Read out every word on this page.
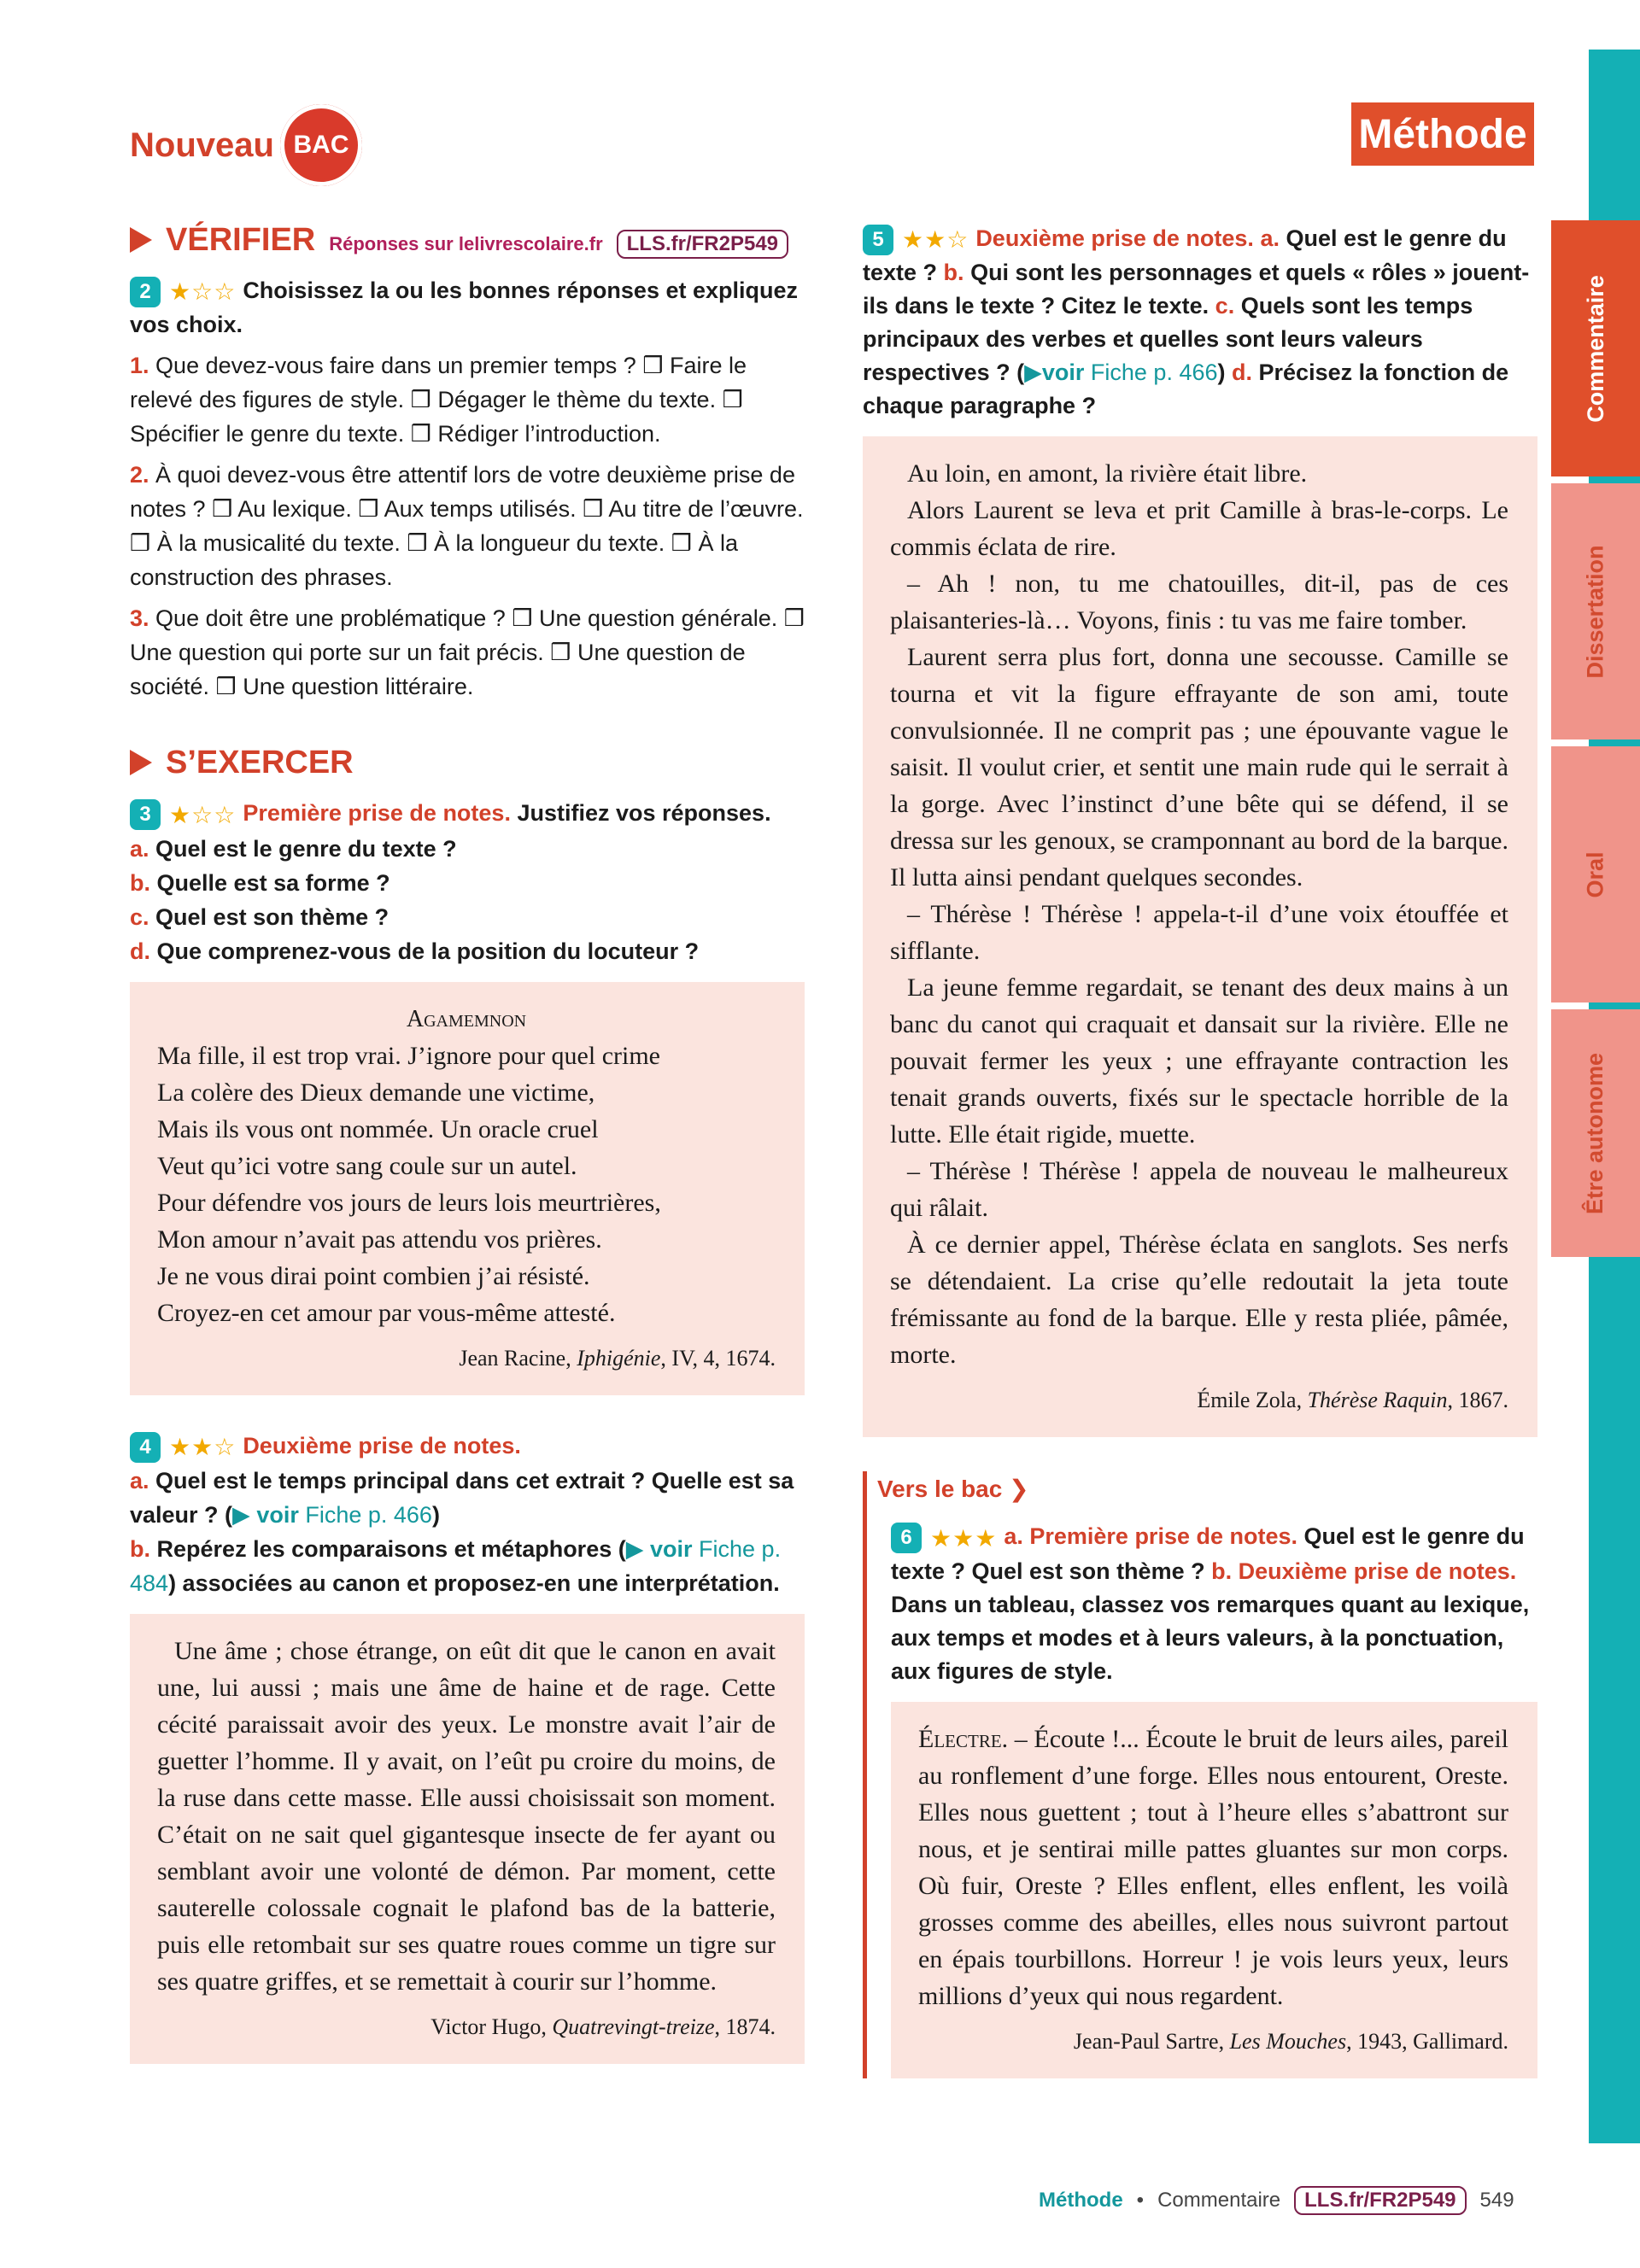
Commentaire
Dissertation
Oral
Être autonome
Méthode
Nouveau BAC
VÉRIFIER Réponses sur lelivrescolaire.fr	LLS.fr/FR2P549
2 ★☆☆ Choisissez la ou les bonnes réponses et expliquez vos choix.
1. Que devez-vous faire dans un premier temps ? ❒ Faire le relevé des figures de style. ❒ Dégager le thème du texte. ❒ Spécifier le genre du texte. ❒ Rédiger l’introduction.
2. À quoi devez-vous être attentif lors de votre deuxième prise de notes ? ❒ Au lexique. ❒ Aux temps utilisés. ❒ Au titre de l’œuvre. ❒ À la musicalité du texte. ❒ À la longueur du texte. ❒ À la construction des phrases.
3. Que doit être une problématique ? ❒ Une question générale. ❒ Une question qui porte sur un fait précis. ❒ Une question de société. ❒ Une question littéraire.
S’EXERCER
3 ★☆☆ Première prise de notes. Justifiez vos réponses.
a. Quel est le genre du texte ?
b. Quelle est sa forme ?
c. Quel est son thème ?
d. Que comprenez-vous de la position du locuteur ?

Agamemnon

Ma fille, il est trop vrai. J’ignore pour quel crime

La colère des Dieux demande une victime,

Mais ils vous ont nommée. Un oracle cruel

Veut qu’ici votre sang coule sur un autel.

Pour défendre vos jours de leurs lois meurtrières,

Mon amour n’avait pas attendu vos prières.

Je ne vous dirai point combien j’ai résisté.

Croyez-en cet amour par vous-même attesté.

Jean Racine, Iphigénie, IV, 4, 1674.

4 ★★☆ Deuxième prise de notes.
a. Quel est le temps principal dans cet extrait ? Quelle est sa valeur ? (▶ voir Fiche p. 466)
b. Repérez les comparaisons et métaphores (▶ voir Fiche p. 484) associées au canon et proposez-en une interprétation.

Une âme ; chose étrange, on eût dit que le canon en avait une, lui aussi ; mais une âme de haine et de rage. Cette cécité paraissait avoir des yeux. Le monstre avait l’air de guetter l’homme. Il y avait, on l’eût pu croire du moins, de la ruse dans cette masse. Elle aussi choisissait son moment. C’était on ne sait quel gigantesque insecte de fer ayant ou semblant avoir une volonté de démon. Par moment, cette sauterelle colossale cognait le plafond bas de la batterie, puis elle retombait sur ses quatre roues comme un tigre sur ses quatre griffes, et se remettait à courir sur l’homme.

Victor Hugo, Quatrevingt-treize, 1874.

5 ★★☆ Deuxième prise de notes. a. Quel est le genre du texte ? b. Qui sont les personnages et quels « rôles » jouent-ils dans le texte ? Citez le texte. c. Quels sont les temps principaux des verbes et quelles sont leurs valeurs respectives ? (▶voir Fiche p. 466) d. Précisez la fonction de chaque paragraphe ?

Au loin, en amont, la rivière était libre.

Alors Laurent se leva et prit Camille à bras-le-corps. Le commis éclata de rire.

– Ah ! non, tu me chatouilles, dit-il, pas de ces plaisanteries-là… Voyons, finis : tu vas me faire tomber.

Laurent serra plus fort, donna une secousse. Camille se tourna et vit la figure effrayante de son ami, toute convulsionnée. Il ne comprit pas ; une épouvante vague le saisit. Il voulut crier, et sentit une main rude qui le serrait à la gorge. Avec l’instinct d’une bête qui se défend, il se dressa sur les genoux, se cramponnant au bord de la barque. Il lutta ainsi pendant quelques secondes.

– Thérèse ! Thérèse ! appela-t-il d’une voix étouffée et sifflante.

La jeune femme regardait, se tenant des deux mains à un banc du canot qui craquait et dansait sur la rivière. Elle ne pouvait fermer les yeux ; une effrayante contraction les tenait grands ouverts, fixés sur le spectacle horrible de la lutte. Elle était rigide, muette.

– Thérèse ! Thérèse ! appela de nouveau le malheureux qui râlait.

À ce dernier appel, Thérèse éclata en sanglots. Ses nerfs se détendaient. La crise qu’elle redoutait la jeta toute frémissante au fond de la barque. Elle y resta pliée, pâmée, morte.

Émile Zola, Thérèse Raquin, 1867.

Vers le bac ❯
6 ★★★ a. Première prise de notes. Quel est le genre du texte ? Quel est son thème ? b. Deuxième prise de notes. Dans un tableau, classez vos remarques quant au lexique, aux temps et modes et à leurs valeurs, à la ponctuation, aux figures de style.

Électre. – Écoute !... Écoute le bruit de leurs ailes, pareil au ronflement d’une forge. Elles nous entourent, Oreste. Elles nous guettent ; tout à l’heure elles s’abattront sur nous, et je sentirai mille pattes gluantes sur mon corps. Où fuir, Oreste ? Elles enflent, elles enflent, les voilà grosses comme des abeilles, elles nous suivront partout en épais tourbillons. Horreur ! je vois leurs yeux, leurs millions d’yeux qui nous regardent.

Jean-Paul Sartre, Les Mouches, 1943, Gallimard.

Méthode • Commentaire	LLS.fr/FR2P549	549
